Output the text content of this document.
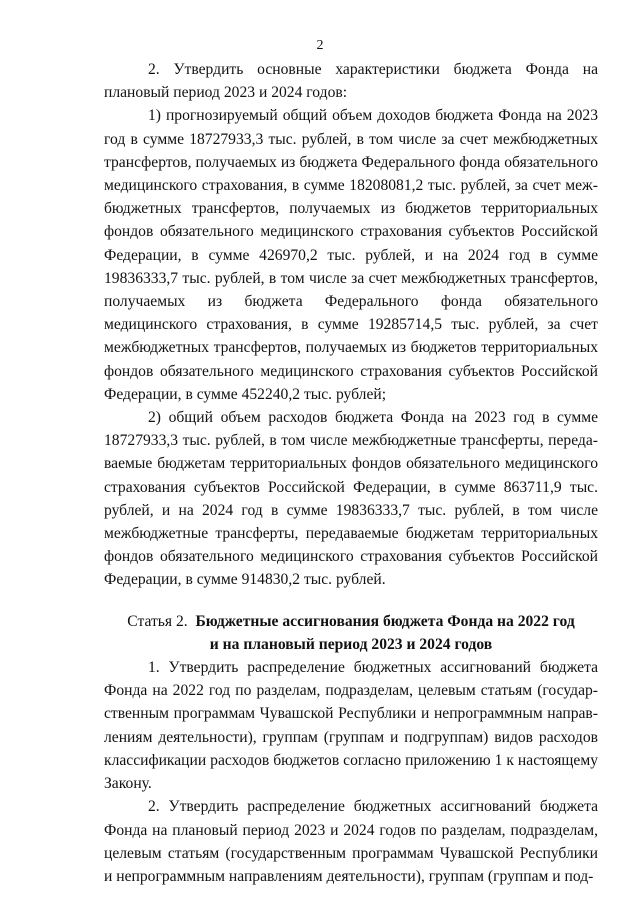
2

2. Утвердить основные характеристики бюджета Фонда на плановый период 2023 и 2024 годов:

1) прогнозируемый общий объем доходов бюджета Фонда на 2023 год в сумме 18727933,3 тыс. рублей, в том числе за счет межбюджетных трансфертов, получаемых из бюджета Федерального фонда обязательного медицинского страхования, в сумме 18208081,2 тыс. рублей, за счет межбюджетных трансфертов, получаемых из бюджетов территориальных фондов обязательного медицинского страхования субъектов Российской Федерации, в сумме 426970,2 тыс. рублей, и на 2024 год в сумме 19836333,7 тыс. рублей, в том числе за счет межбюджетных трансфертов, получаемых из бюджета Федерального фонда обязательного медицинского страхования, в сумме 19285714,5 тыс. рублей, за счет межбюджетных трансфертов, получаемых из бюджетов территориальных фондов обязательного медицинского страхования субъектов Российской Федерации, в сумме 452240,2 тыс. рублей;

2) общий объем расходов бюджета Фонда на 2023 год в сумме 18727933,3 тыс. рублей, в том числе межбюджетные трансферты, передаваемые бюджетам территориальных фондов обязательного медицинского страхования субъектов Российской Федерации, в сумме 863711,9 тыс. рублей, и на 2024 год в сумме 19836333,7 тыс. рублей, в том числе межбюджетные трансферты, передаваемые бюджетам территориальных фондов обязательного медицинского страхования субъектов Российской Федерации, в сумме 914830,2 тыс. рублей.

Статья 2. Бюджетные ассигнования бюджета Фонда на 2022 год
и на плановый период 2023 и 2024 годов

1. Утвердить распределение бюджетных ассигнований бюджета Фонда на 2022 год по разделам, подразделам, целевым статьям (государственным программам Чувашской Республики и непрограммным направлениям деятельности), группам (группам и подгруппам) видов расходов классификации расходов бюджетов согласно приложению 1 к настоящему Закону.

2. Утвердить распределение бюджетных ассигнований бюджета Фонда на плановый период 2023 и 2024 годов по разделам, подразделам, целевым статьям (государственным программам Чувашской Республики и непрограммным направлениям деятельности), группам (группам и под-
